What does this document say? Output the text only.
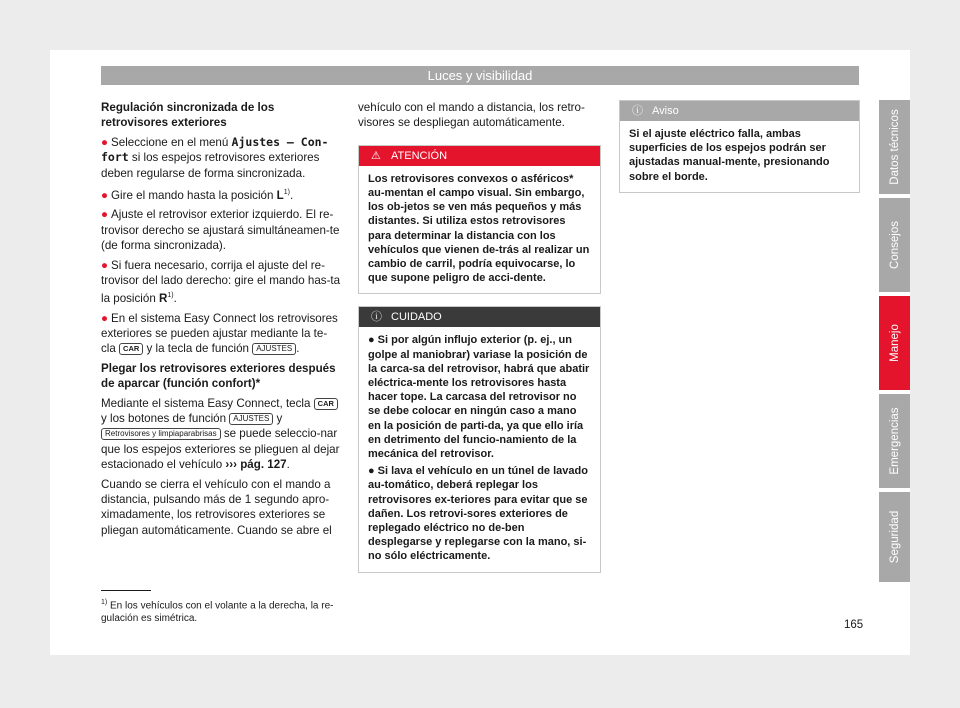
Luces y visibilidad
Regulación sincronizada de los retrovisores exteriores
● Seleccione en el menú Ajustes – Con-fort si los espejos retrovisores exteriores deben regularse de forma sincronizada.
● Gire el mando hasta la posición $L^{1)}$.
● Ajuste el retrovisor exterior izquierdo. El re-trovisor derecho se ajustará simultáneamen-te (de forma sincronizada).
● Si fuera necesario, corrija el ajuste del re-trovisor del lado derecho: gire el mando has-ta la posición $R^{1)}$.
● En el sistema Easy Connect los retrovisores exteriores se pueden ajustar mediante la te-cla CAR y la tecla de función AJUSTES .
Plegar los retrovisores exteriores después de aparcar (función confort)*

Mediante el sistema Easy Connect, tecla CAR y los botones de función AJUSTES y Retrovisores y limpiaparabrisas se puede seleccio-nar que los espejos exteriores se plieguen al dejar estacionado el vehículo ››› pág. 127.

Cuando se cierra el vehículo con el mando a distancia, pulsando más de 1 segundo apro-ximadamente, los retrovisores exteriores se pliegan automáticamente. Cuando se abre el

vehículo con el mando a distancia, los retro-visores se despliegan automáticamente.

⚠ ATENCIÓN
Los retrovisores convexos o asféricos* au-mentan el campo visual. Sin embargo, los ob-jetos se ven más pequeños y más distantes. Si utiliza estos retrovisores para determinar la distancia con los vehículos que vienen de-trás al realizar un cambio de carril, podría equivocarse, lo que supone peligro de acci-dente.
ⓘ CUIDADO
● Si por algún influjo exterior (p. ej., un golpe al maniobrar) variase la posición de la carca-sa del retrovisor, habrá que abatir eléctrica-mente los retrovisores hasta hacer tope. La carcasa del retrovisor no se debe colocar en ningún caso a mano en la posición de parti-da, ya que ello iría en detrimento del funcio-namiento de la mecánica del retrovisor.
● Si lava el vehículo en un túnel de lavado au-tomático, deberá replegar los retrovisores ex-teriores para evitar que se dañen. Los retrovi-sores exteriores de replegado eléctrico no de-ben desplegarse y replegarse con la mano, si-no sólo eléctricamente.
ⓘ Aviso
Si el ajuste eléctrico falla, ambas superficies de los espejos podrán ser ajustadas manual-mente, presionando sobre el borde.	Datos técnicos
Consejos
Manejo
Emergencias
Seguridad
$^{1)}$ En los vehículos con el volante a la derecha, la re-gulación es simétrica.
165
